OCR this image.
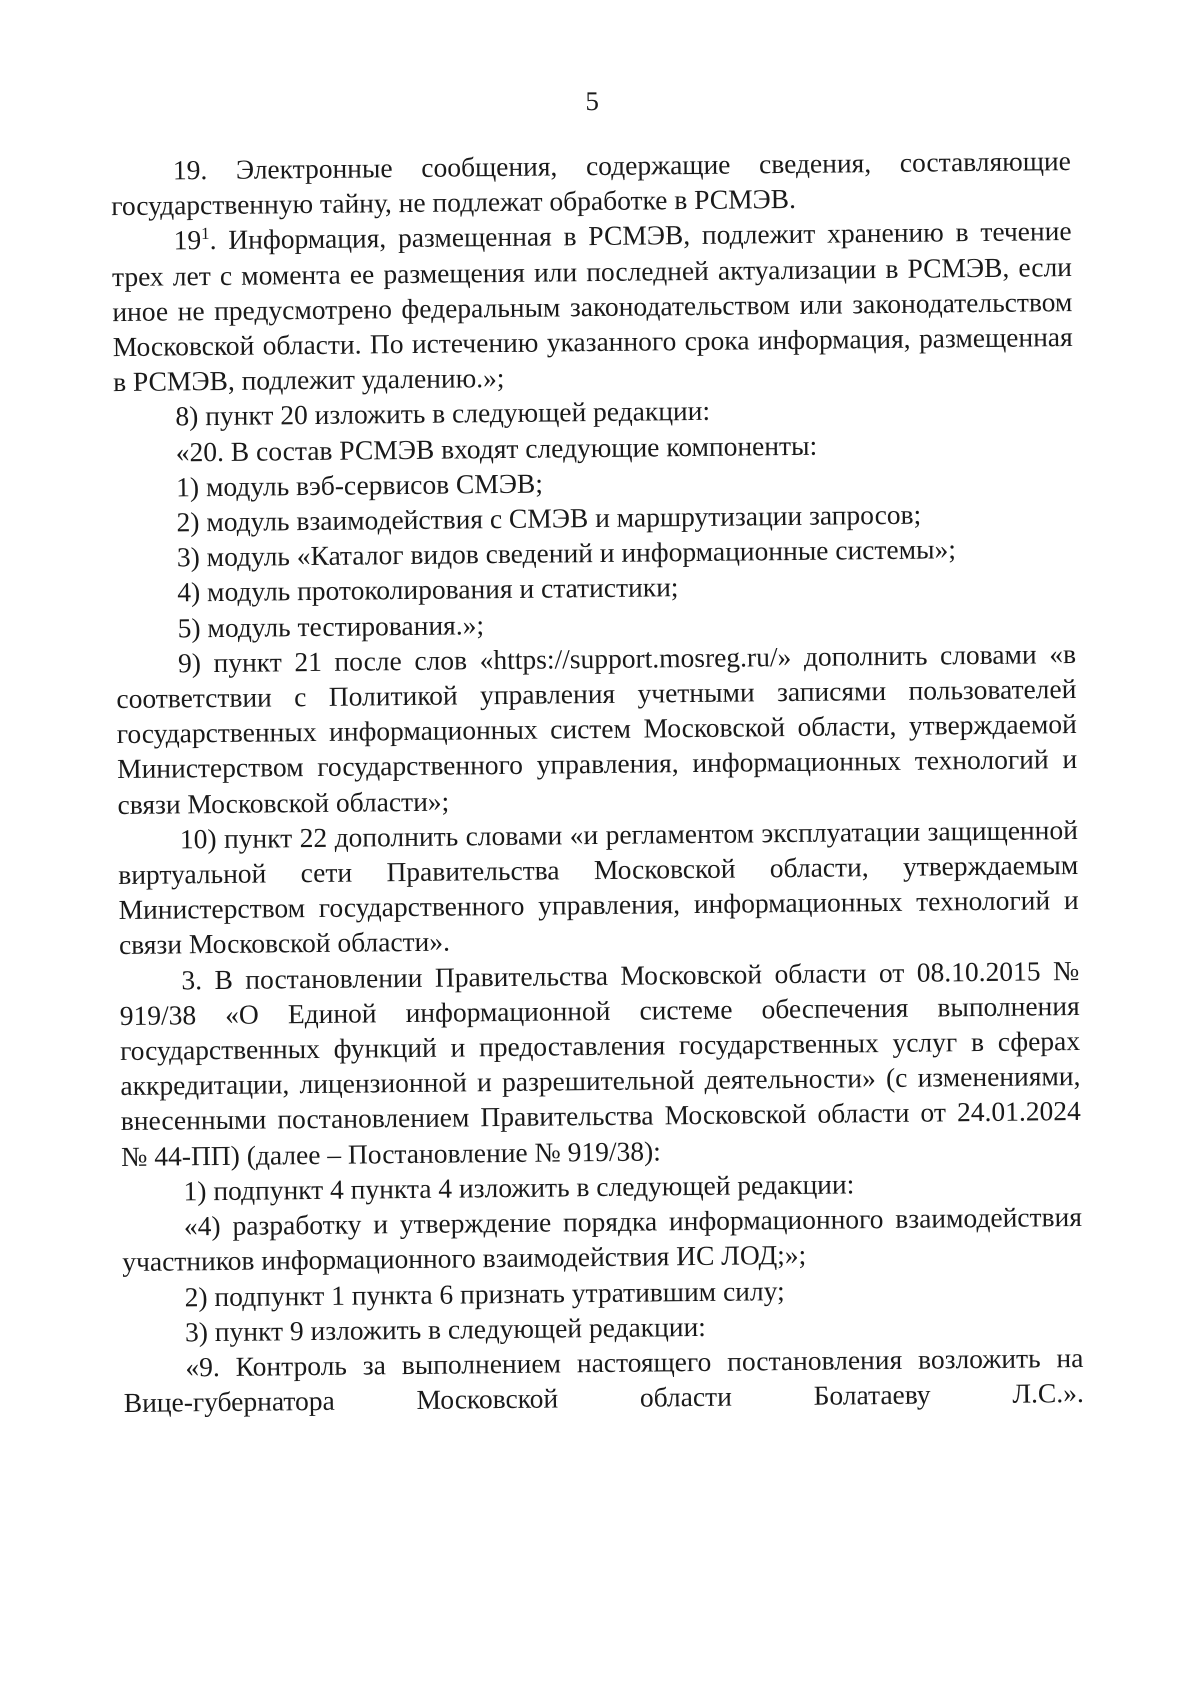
5

19. Электронные сообщения, содержащие сведения, составляющие государственную тайну, не подлежат обработке в РСМЭВ.

$19^1$. Информация, размещенная в РСМЭВ, подлежит хранению в течение трех лет с момента ее размещения или последней актуализации в РСМЭВ, если иное не предусмотрено федеральным законодательством или законодательством Московской области. По истечению указанного срока информация, размещенная в РСМЭВ, подлежит удалению.»;

8) пункт 20 изложить в следующей редакции:

«20. В состав РСМЭВ входят следующие компоненты:

1) модуль вэб-сервисов СМЭВ;

2) модуль взаимодействия с СМЭВ и маршрутизации запросов;

3) модуль «Каталог видов сведений и информационные системы»;

4) модуль протоколирования и статистики;

5) модуль тестирования.»;

9) пункт 21 после слов «https://support.mosreg.ru/» дополнить словами «в соответствии с Политикой управления учетными записями пользователей государственных информационных систем Московской области, утверждаемой Министерством государственного управления, информационных технологий и связи Московской области»;

10) пункт 22 дополнить словами «и регламентом эксплуатации защищенной виртуальной сети Правительства Московской области, утверждаемым Министерством государственного управления, информационных технологий и связи Московской области».

3. В постановлении Правительства Московской области от 08.10.2015 № 919/38 «О Единой информационной системе обеспечения выполнения государственных функций и предоставления государственных услуг в сферах аккредитации, лицензионной и разрешительной деятельности» (с изменениями, внесенными постановлением Правительства Московской области от 24.01.2024 № 44-ПП) (далее – Постановление № 919/38):

1) подпункт 4 пункта 4 изложить в следующей редакции:

«4) разработку и утверждение порядка информационного взаимодействия участников информационного взаимодействия ИС ЛОД;»;

2) подпункт 1 пункта 6 признать утратившим силу;

3) пункт 9 изложить в следующей редакции:

«9. Контроль за выполнением настоящего постановления возложить на Вице-губернатора Московской области Болатаеву Л.С.».
